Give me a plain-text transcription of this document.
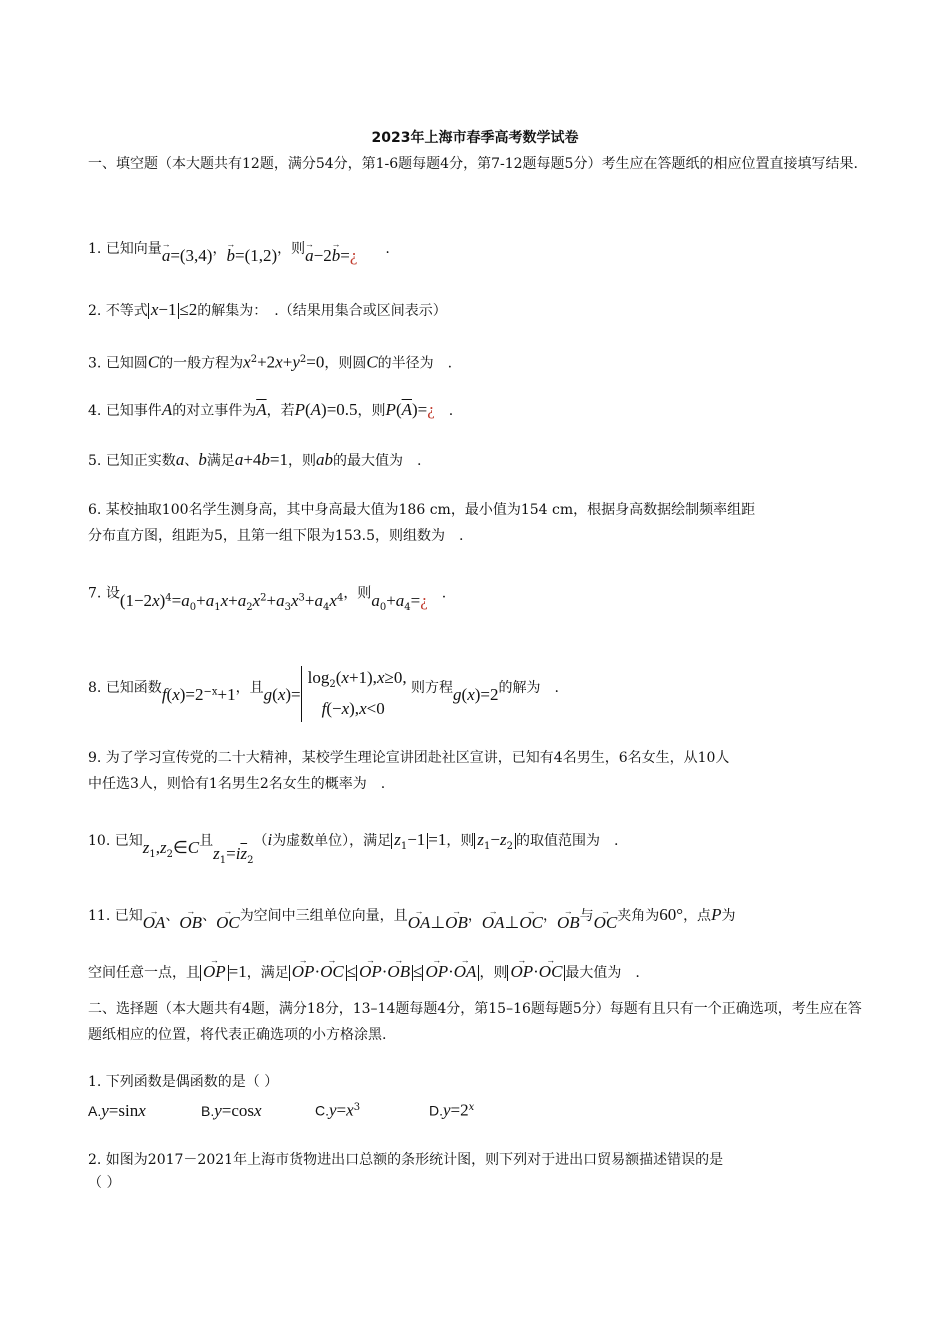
2023年上海市春季高考数学试卷
一、填空题（本大题共有12题，满分54分，第1-6题每题4分，第7-12题每题5分）考生应在答题纸的相应位置直接填写结果.
1. 已知向量→ a=(3,4)，→ b=(1,2)，则→ a−2→ b=¿　　 .
2. 不等式 x−1 ≤2的解集为：　.（结果用集合或区间表示）
3. 已知圆C的一般方程为$x^2+2x+y^2=0$，则圆C的半径为　.
4. 已知事件A的对立事件为$\overline{A}$，若P(A)=0.5，则$P(\overline{A})=¿$　 .
5. 已知正实数a、b满足a+4b=1，则ab的最大值为　.
6. 某校抽取100名学生测身高，其中身高最大值为186 cm，最小值为154 cm，根据身高数据绘制频率组距
分布直方图，组距为5，且第一组下限为153.5，则组数为　.
7. 设$(1-2x)^4=a_0+a_1x+a_2x^2+a_3x^3+a_4x^4$，则$a_0+a_4=¿$　 .
8. 已知函数$f(x)=2^{-x}+1$，且g(x)=
$\log_2(x+1),x\ge 0$,
f(−x),x<0
则方程g(x)=2的解为　.
9. 为了学习宣传党的二十大精神，某校学生理论宣讲团赴社区宣讲，已知有4名男生，6名女生，从10人
中任选3人，则恰有1名男生2名女生的概率为　.
10. 已知$z_1,z_2\in C$且$z_1=i\overline{z}_2(i$为虚数单位），满足 $z_1-1 =1$，则 $z_1-z_2$ 的取值范围为　.
11. 已知→ OA、→ OB、→ OC为空间中三组单位向量，且→ OA⊥→ OB，→ OA⊥→ OC，→ OB与→ OC夹角为60°，点P为
空间任意一点，且 → OP =1，满足 → OP·→ OC ≤ → OP·→ OB ≤ → OP·→ OA ，则 → OP·→ OC 最大值为　.
二、选择题（本大题共有4题，满分18分，13–14题每题4分，第15–16题每题5分）每题有且只有一个正确选项，考生应在答题纸相应的位置，将代表正确选项的小方格涂黑.
1. 下列函数是偶函数的是（ ）
A.y=sinx	B.y=cosx	$C.y=x^3$	$D.y=2^x$
2. 如图为2017－2021年上海市货物进出口总额的条形统计图，则下列对于进出口贸易额描述错误的是
（ ）
